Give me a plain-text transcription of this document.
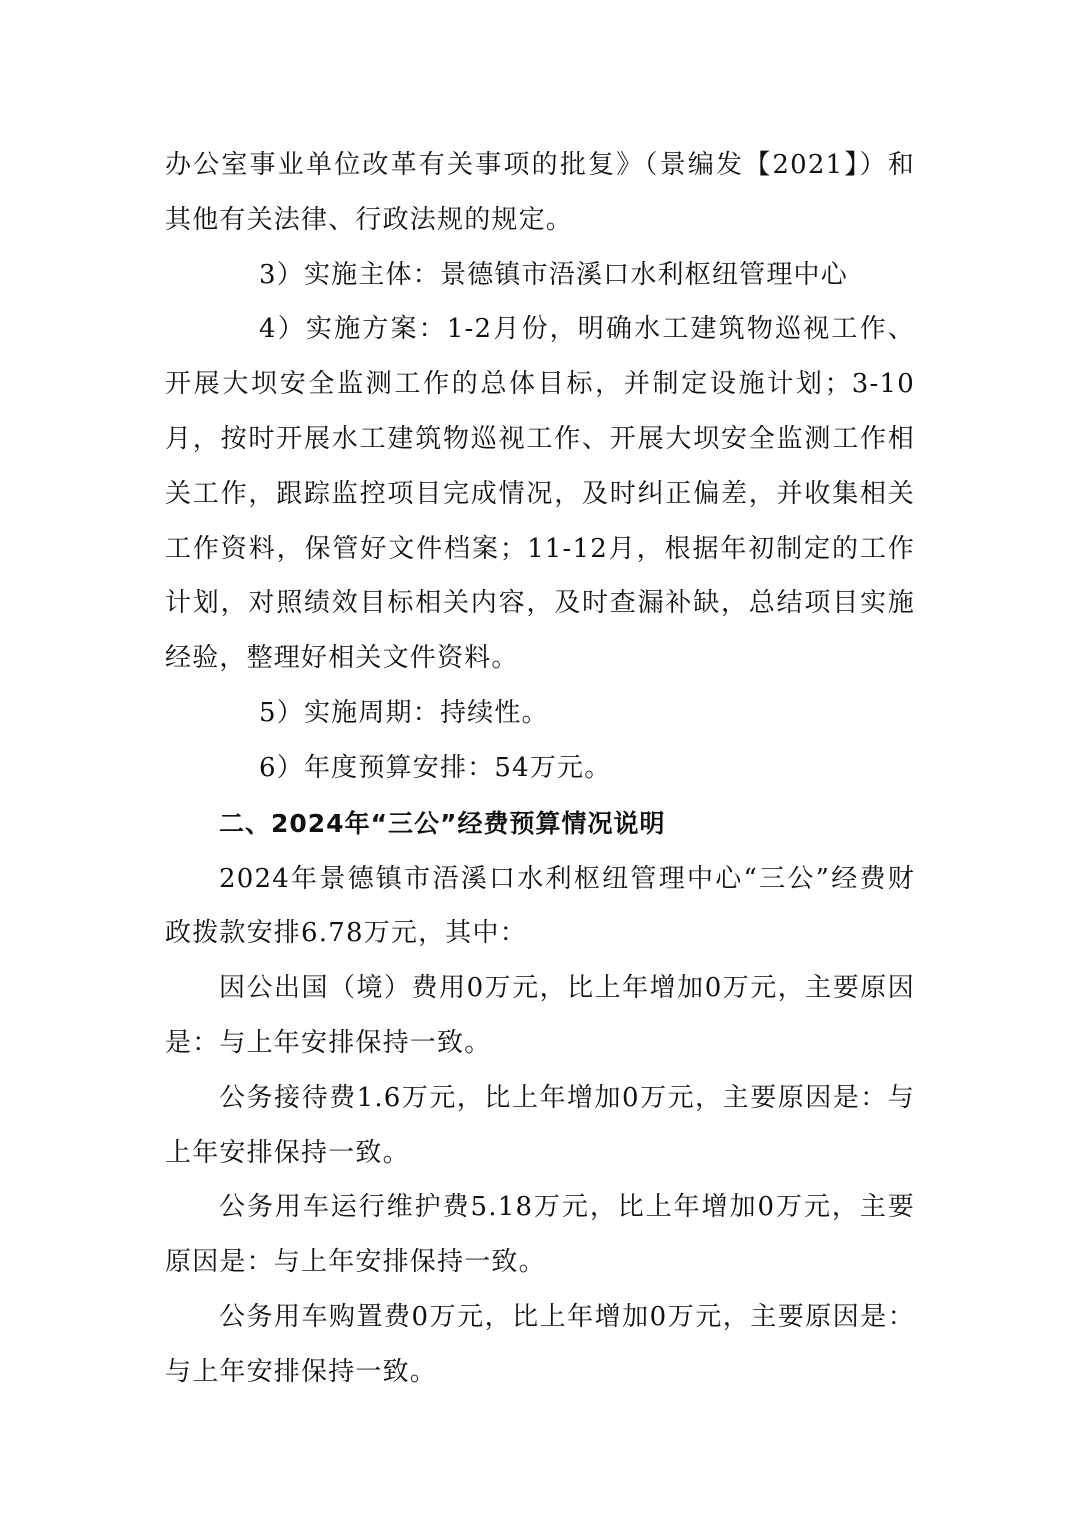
办公室事业单位改革有关事项的批复》（景编发【2021】）和其他有关法律、行政法规的规定。

3）实施主体：景德镇市浯溪口水利枢纽管理中心

4）实施方案：1-2月份，明确水工建筑物巡视工作、开展大坝安全监测工作的总体目标，并制定设施计划；3-10月，按时开展水工建筑物巡视工作、开展大坝安全监测工作相关工作，跟踪监控项目完成情况，及时纠正偏差，并收集相关工作资料，保管好文件档案；11-12月，根据年初制定的工作计划，对照绩效目标相关内容，及时查漏补缺，总结项目实施经验，整理好相关文件资料。

5）实施周期：持续性。

6）年度预算安排：54万元。

二、2024年“三公”经费预算情况说明

2024年景德镇市浯溪口水利枢纽管理中心“三公”经费财政拨款安排6.78万元，其中：

因公出国（境）费用0万元，比上年增加0万元，主要原因是：与上年安排保持一致。

公务接待费1.6万元，比上年增加0万元，主要原因是：与上年安排保持一致。

公务用车运行维护费5.18万元，比上年增加0万元，主要原因是：与上年安排保持一致。

公务用车购置费0万元，比上年增加0万元，主要原因是：与上年安排保持一致。
